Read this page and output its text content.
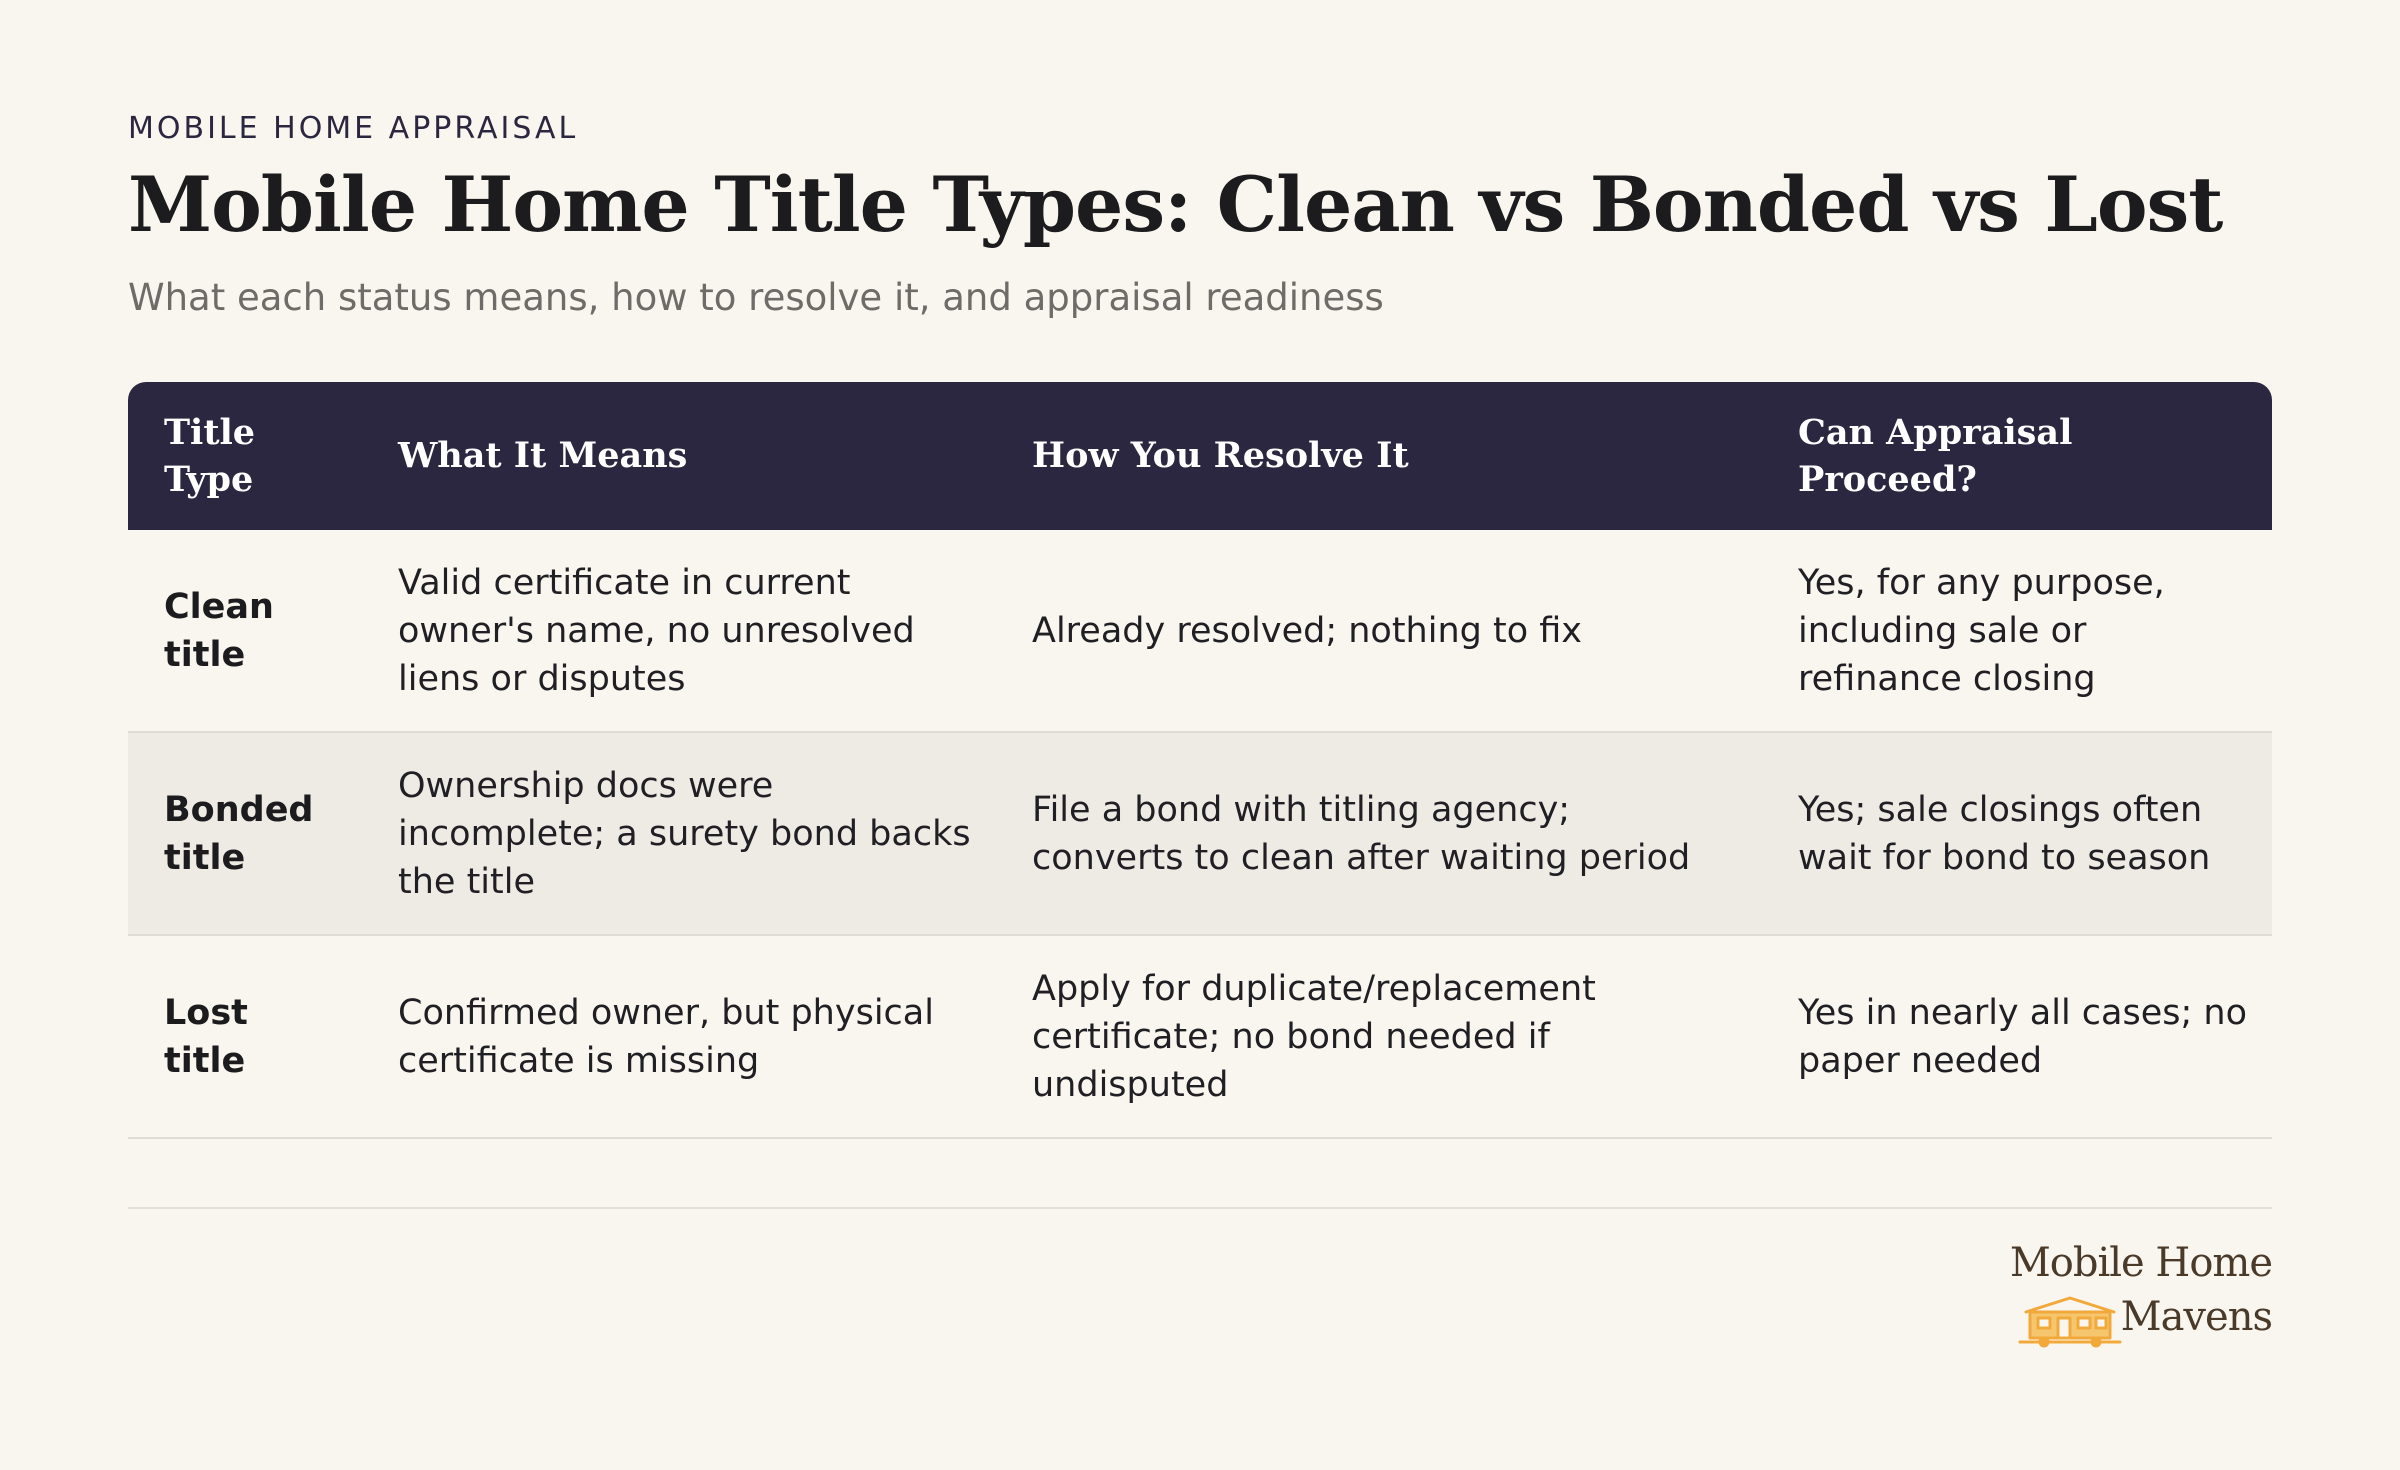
MOBILE HOME APPRAISAL
Mobile Home Title Types: Clean vs Bonded vs Lost
What each status means, how to resolve it, and appraisal readiness
Title Type
What It Means	How You Resolve It
Can Appraisal Proceed?
Clean title
Valid certificate in current owner's name, no unresolved liens or disputes
Already resolved; nothing to fix
Yes, for any purpose, including sale or refinance closing
Bonded title
Ownership docs were incomplete; a surety bond backs the title
File a bond with titling agency; converts to clean after waiting period
Yes; sale closings often wait for bond to season
Lost title
Confirmed owner, but physical certificate is missing
Apply for duplicate/replacement certificate; no bond needed if undisputed
Yes in nearly all cases; no paper needed
Mobile Home
Mavens
